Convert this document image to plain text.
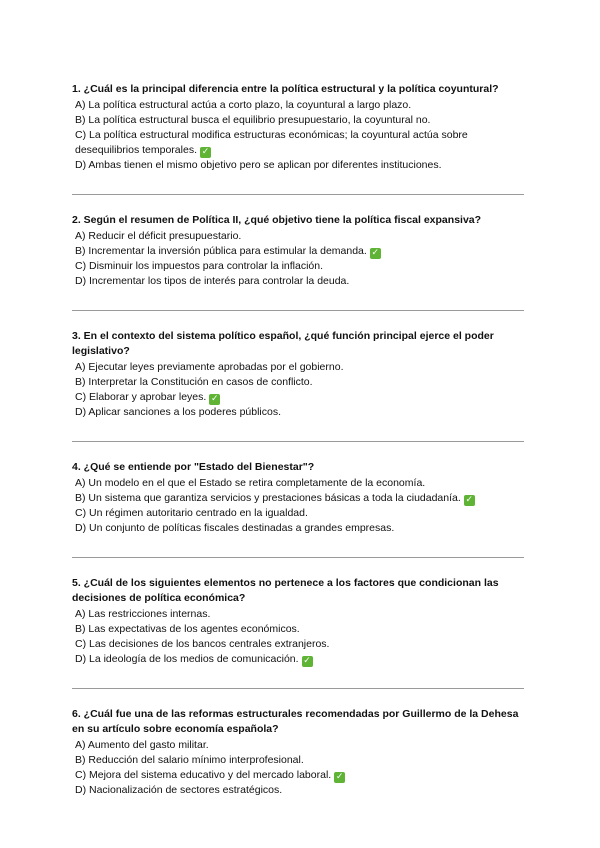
1. ¿Cuál es la principal diferencia entre la política estructural y la política coyuntural?

A) La política estructural actúa a corto plazo, la coyuntural a largo plazo.

B) La política estructural busca el equilibrio presupuestario, la coyuntural no.

C) La política estructural modifica estructuras económicas; la coyuntural actúa sobre desequilibrios temporales. ✓

D) Ambas tienen el mismo objetivo pero se aplican por diferentes instituciones.

2. Según el resumen de Política II, ¿qué objetivo tiene la política fiscal expansiva?

A) Reducir el déficit presupuestario.

B) Incrementar la inversión pública para estimular la demanda. ✓

C) Disminuir los impuestos para controlar la inflación.

D) Incrementar los tipos de interés para controlar la deuda.

3. En el contexto del sistema político español, ¿qué función principal ejerce el poder legislativo?

A) Ejecutar leyes previamente aprobadas por el gobierno.

B) Interpretar la Constitución en casos de conflicto.

C) Elaborar y aprobar leyes. ✓

D) Aplicar sanciones a los poderes públicos.

4. ¿Qué se entiende por "Estado del Bienestar"?

A) Un modelo en el que el Estado se retira completamente de la economía.

B) Un sistema que garantiza servicios y prestaciones básicas a toda la ciudadanía. ✓

C) Un régimen autoritario centrado en la igualdad.

D) Un conjunto de políticas fiscales destinadas a grandes empresas.

5. ¿Cuál de los siguientes elementos no pertenece a los factores que condicionan las decisiones de política económica?

A) Las restricciones internas.

B) Las expectativas de los agentes económicos.

C) Las decisiones de los bancos centrales extranjeros.

D) La ideología de los medios de comunicación. ✓

6. ¿Cuál fue una de las reformas estructurales recomendadas por Guillermo de la Dehesa en su artículo sobre economía española?

A) Aumento del gasto militar.

B) Reducción del salario mínimo interprofesional.

C) Mejora del sistema educativo y del mercado laboral. ✓

D) Nacionalización de sectores estratégicos.
